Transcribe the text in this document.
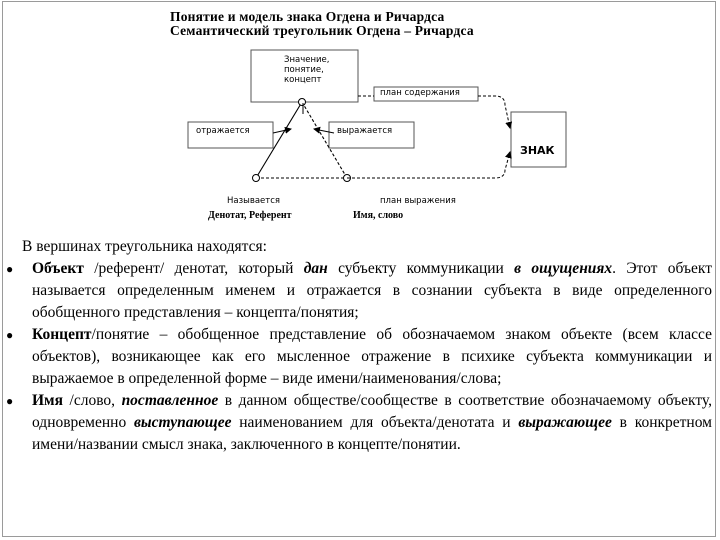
Понятие и модель знака Огдена и Ричардса
Семантический треугольник Огдена – Ричардса
Значение,
понятие,
концепт
план содержания
отражается	выражается
ЗНАК
Называется
Денотат, Референт
план выражения
Имя, слово
В вершинах треугольника находятся:
● Объект /референт/ денотат, который дан субъекту коммуникации в ощущениях. Этот объект называется определенным именем и отражается в сознании субъекта в виде определенного обобщенного представления – концепта/понятия;

● Концепт/понятие – обобщенное представление об обозначаемом знаком объекте (всем классе объектов), возникающее как его мысленное отражение в психике субъекта коммуникации и выражаемое в определенной форме – виде имени/наименования/слова;

● Имя /слово, поставленное в данном обществе/сообществе в соответствие обозначаемому объекту, одновременно выступающее наименованием для объекта/денотата и выражающее в конкретном имени/названии смысл знака, заключенного в концепте/понятии.
